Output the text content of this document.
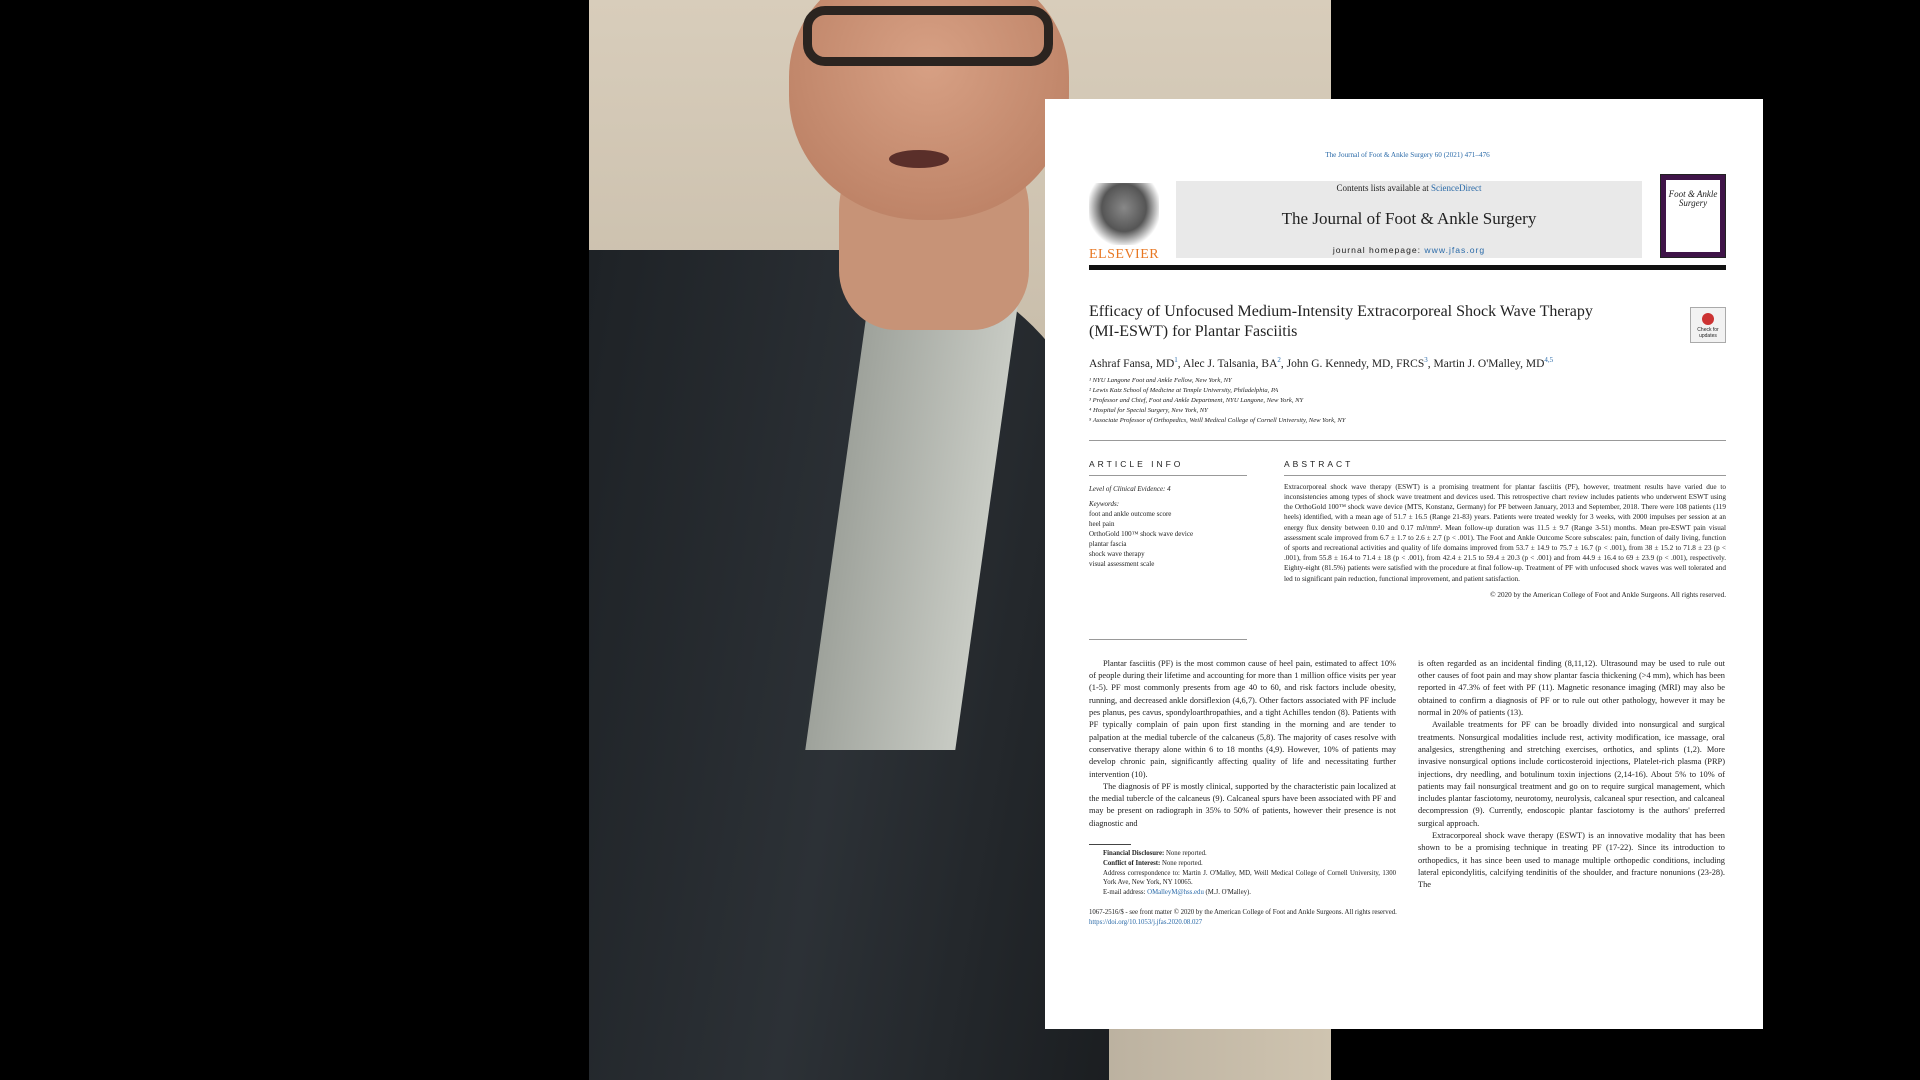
The Journal of Foot & Ankle Surgery 60 (2021) 471–476
ELSEVIER
Contents lists available at ScienceDirect
The Journal of Foot & Ankle Surgery
journal homepage: www.jfas.org
Foot & Ankle Surgery
Efficacy of Unfocused Medium-Intensity Extracorporeal Shock Wave Therapy (MI-ESWT) for Plantar Fasciitis	Check for updates
Ashraf Fansa, $MD^1$, Alec J. Talsania, $BA^2$, John G. Kennedy, MD, FRCS$^3$, Martin J. O'Malley, MD$^{4,5}$
¹ NYU Langone Foot and Ankle Fellow, New York, NY
² Lewis Katz School of Medicine at Temple University, Philadelphia, PA
³ Professor and Chief, Foot and Ankle Department, NYU Langone, New York, NY
⁴ Hospital for Special Surgery, New York, NY
⁵ Associate Professor of Orthopedics, Weill Medical College of Cornell University, New York, NY
ARTICLE INFO
Level of Clinical Evidence: 4
Keywords:
foot and ankle outcome score
heel pain
OrthoGold 100™ shock wave device
plantar fascia
shock wave therapy
visual assessment scale
ABSTRACT
Extracorporeal shock wave therapy (ESWT) is a promising treatment for plantar fasciitis (PF), however, treatment results have varied due to inconsistencies among types of shock wave treatment and devices used. This retrospective chart review includes patients who underwent ESWT using the OrthoGold 100™ shock wave device (MTS, Konstanz, Germany) for PF between January, 2013 and September, 2018. There were 108 patients (119 heels) identified, with a mean age of 51.7 ± 16.5 (Range 21-83) years. Patients were treated weekly for 3 weeks, with 2000 impulses per session at an energy flux density between 0.10 and 0.17 mJ/mm². Mean follow-up duration was 11.5 ± 9.7 (Range 3-51) months. Mean pre-ESWT pain visual assessment scale improved from 6.7 ± 1.7 to 2.6 ± 2.7 (p < .001). The Foot and Ankle Outcome Score subscales: pain, function of daily living, function of sports and recreational activities and quality of life domains improved from 53.7 ± 14.9 to 75.7 ± 16.7 (p < .001), from 38 ± 15.2 to 71.8 ± 23 (p < .001), from 55.8 ± 16.4 to 71.4 ± 18 (p < .001), from 42.4 ± 21.5 to 59.4 ± 20.3 (p < .001) and from 44.9 ± 16.4 to 69 ± 23.9 (p < .001), respectively. Eighty-eight (81.5%) patients were satisfied with the procedure at final follow-up. Treatment of PF with unfocused shock waves was well tolerated and led to significant pain reduction, functional improvement, and patient satisfaction.
© 2020 by the American College of Foot and Ankle Surgeons. All rights reserved.

Plantar fasciitis (PF) is the most common cause of heel pain, estimated to affect 10% of people during their lifetime and accounting for more than 1 million office visits per year (1-5). PF most commonly presents from age 40 to 60, and risk factors include obesity, running, and decreased ankle dorsiflexion (4,6,7). Other factors associated with PF include pes planus, pes cavus, spondyloarthropathies, and a tight Achilles tendon (8). Patients with PF typically complain of pain upon first standing in the morning and are tender to palpation at the medial tubercle of the calcaneus (5,8). The majority of cases resolve with conservative therapy alone within 6 to 18 months (4,9). However, 10% of patients may develop chronic pain, significantly affecting quality of life and necessitating further intervention (10).

The diagnosis of PF is mostly clinical, supported by the characteristic pain localized at the medial tubercle of the calcaneus (9). Calcaneal spurs have been associated with PF and may be present on radiograph in 35% to 50% of patients, however their presence is not diagnostic and

Financial Disclosure: None reported.
Conflict of Interest: None reported.
Address correspondence to: Martin J. O'Malley, MD, Weill Medical College of Cornell University, 1300 York Ave, New York, NY 10065.
E-mail address: OMalleyM@hss.edu (M.J. O'Malley).

is often regarded as an incidental finding (8,11,12). Ultrasound may be used to rule out other causes of foot pain and may show plantar fascia thickening (>4 mm), which has been reported in 47.3% of feet with PF (11). Magnetic resonance imaging (MRI) may also be obtained to confirm a diagnosis of PF or to rule out other pathology, however it may be normal in 20% of patients (13).

Available treatments for PF can be broadly divided into nonsurgical and surgical treatments. Nonsurgical modalities include rest, activity modification, ice massage, oral analgesics, strengthening and stretching exercises, orthotics, and splints (1,2). More invasive nonsurgical options include corticosteroid injections, Platelet-rich plasma (PRP) injections, dry needling, and botulinum toxin injections (2,14-16). About 5% to 10% of patients may fail nonsurgical treatment and go on to require surgical management, which includes plantar fasciotomy, neurotomy, neurolysis, calcaneal spur resection, and calcaneal decompression (9). Currently, endoscopic plantar fasciotomy is the authors' preferred surgical approach.

Extracorporeal shock wave therapy (ESWT) is an innovative modality that has been shown to be a promising technique in treating PF (17-22). Since its introduction to orthopedics, it has since been used to manage multiple orthopedic conditions, including lateral epicondylitis, calcifying tendinitis of the shoulder, and fracture nonunions (23-28). The

1067-2516/$ - see front matter © 2020 by the American College of Foot and Ankle Surgeons. All rights reserved.
https://doi.org/10.1053/j.jfas.2020.08.027
